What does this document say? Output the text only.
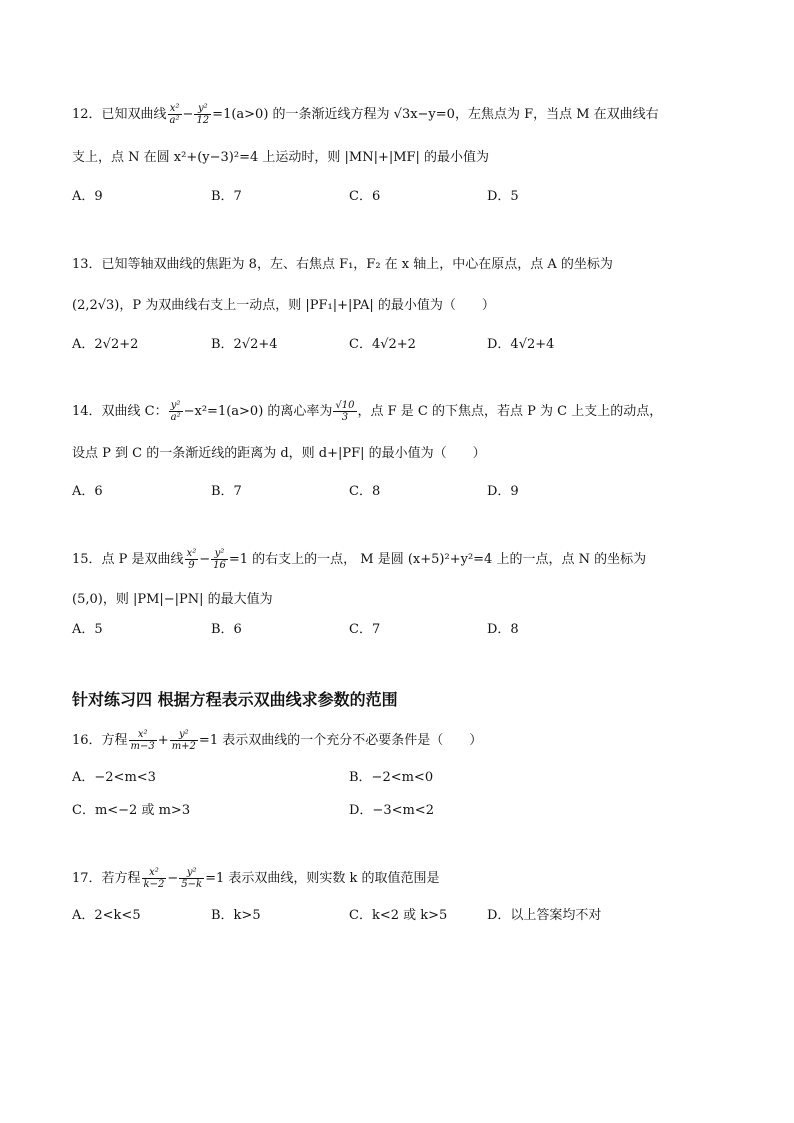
12．已知双曲线 $\frac{\text{x²}}{\text{a²}} - \frac{\text{y²}}{12} =1(a>0)$ 的一条渐近线方程为 √3x−y=0，左焦点为 F，当点 M 在双曲线右
支上，点 N 在圆 x²+(y−3)²=4 上运动时，则 |MN|+|MF| 的最小值为
A．9	B．7	C．6	D．5
13．已知等轴双曲线的焦距为 8，左、右焦点 F₁，F₂ 在 x 轴上，中心在原点，点 A 的坐标为
(2,2√3)，P 为双曲线右支上一动点，则 |PF₁|+|PA| 的最小值为（　　）
A．2√2+2	B．2√2+4	C．4√2+2	D．4√2+4
14．双曲线 C： $\frac{\text{y²}}{\text{a²}} -x^2=1(a>0)$ 的离心率为 $\frac{√10}{3}$ ，点 F 是 C 的下焦点，若点 P 为 C 上支上的动点，
设点 P 到 C 的一条渐近线的距离为 d，则 d+|PF| 的最小值为（　　）
A．6	B．7	C．8	D．9
15．点 P 是双曲线 $\frac{\text{x²}}{9} - \frac{\text{y²}}{16} =1$ 的右支上的一点， M 是圆 (x+5)²+y²=4 上的一点，点 N 的坐标为
(5,0)，则 |PM|−|PN| 的最大值为
A．5	B．6	C．7	D．8
针对练习四 根据方程表示双曲线求参数的范围
16．方程 $\frac{\text{x²}}{m-3} + \frac{\text{y²}}{m+2} =1$ 表示双曲线的一个充分不必要条件是（　　）
A．−2<m<3	B．−2<m<0
C．m<−2 或 m>3	D．−3<m<2
17．若方程 $\frac{\text{x²}}{k-2} - \frac{\text{y²}}{5-k} =1$ 表示双曲线，则实数 k 的取值范围是
A．2<k<5	B．k>5	C．k<2 或 k>5	D．以上答案均不对
